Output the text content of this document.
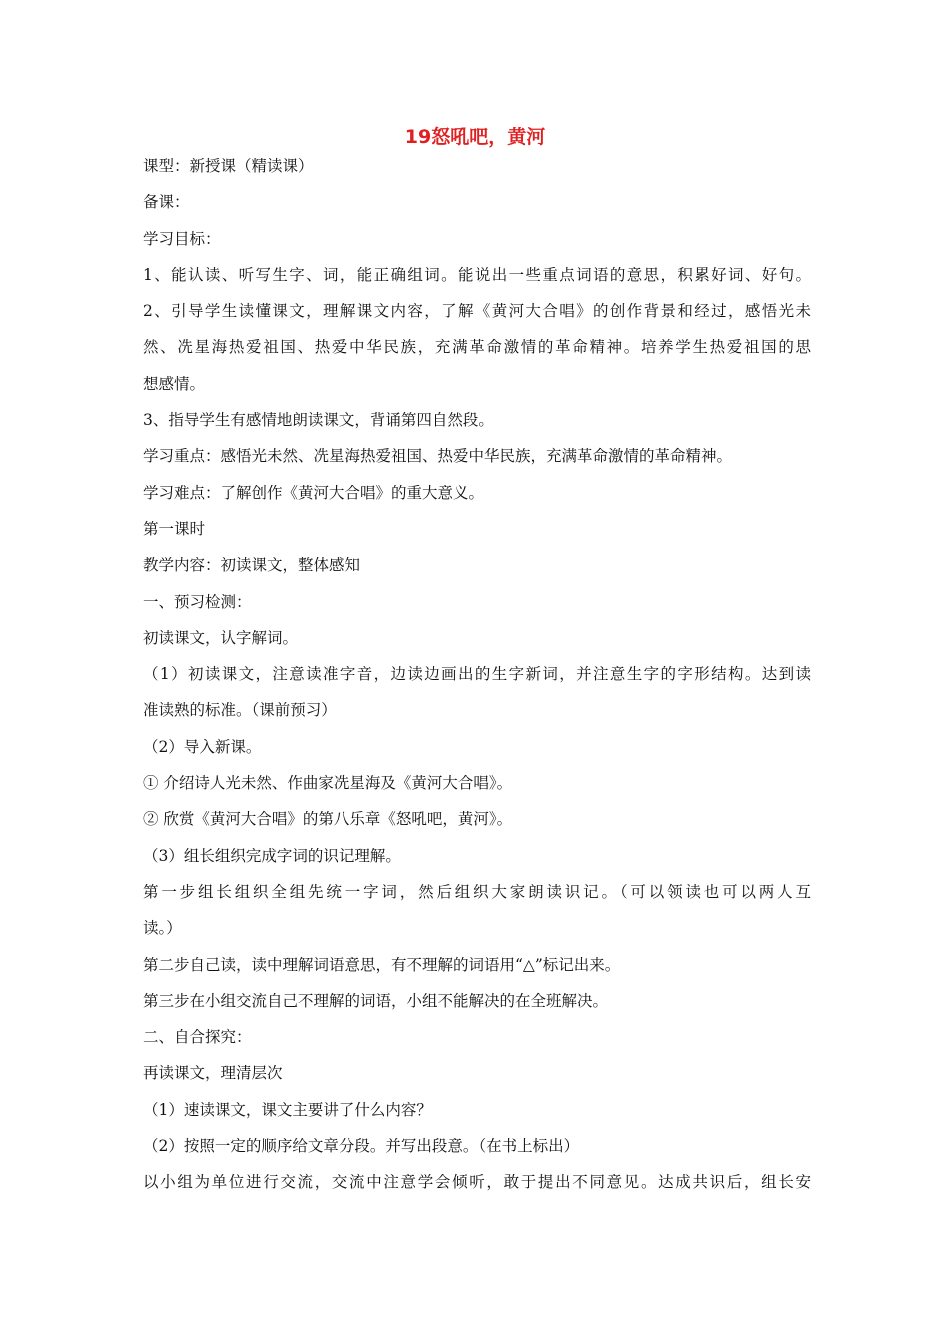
19怒吼吧，黄河
课型：新授课（精读课）
备课：
学习目标：
1、能认读、听写生字、词，能正确组词。能说出一些重点词语的意思，积累好词、好句。
2、引导学生读懂课文，理解课文内容，了解《黄河大合唱》的创作背景和经过，感悟光未
然、冼星海热爱祖国、热爱中华民族，充满革命激情的革命精神。培养学生热爱祖国的思
想感情。
3、指导学生有感情地朗读课文，背诵第四自然段。
学习重点：感悟光未然、冼星海热爱祖国、热爱中华民族，充满革命激情的革命精神。
学习难点：了解创作《黄河大合唱》的重大意义。
第一课时
教学内容：初读课文，整体感知
一、预习检测：
初读课文，认字解词。
（1）初读课文，注意读准字音，边读边画出的生字新词，并注意生字的字形结构。达到读
准读熟的标准。（课前预习）
（2）导入新课。
① 介绍诗人光未然、作曲家冼星海及《黄河大合唱》。
② 欣赏《黄河大合唱》的第八乐章《怒吼吧，黄河》。
（3）组长组织完成字词的识记理解。
第一步组长组织全组先统一字词，然后组织大家朗读识记。（可以领读也可以两人互
读。）
第二步自己读，读中理解词语意思，有不理解的词语用“△”标记出来。
第三步在小组交流自己不理解的词语，小组不能解决的在全班解决。
二、自合探究：
再读课文，理清层次
（1）速读课文，课文主要讲了什么内容？
（2）按照一定的顺序给文章分段。并写出段意。（在书上标出）
以小组为单位进行交流，交流中注意学会倾听，敢于提出不同意见。达成共识后，组长安
